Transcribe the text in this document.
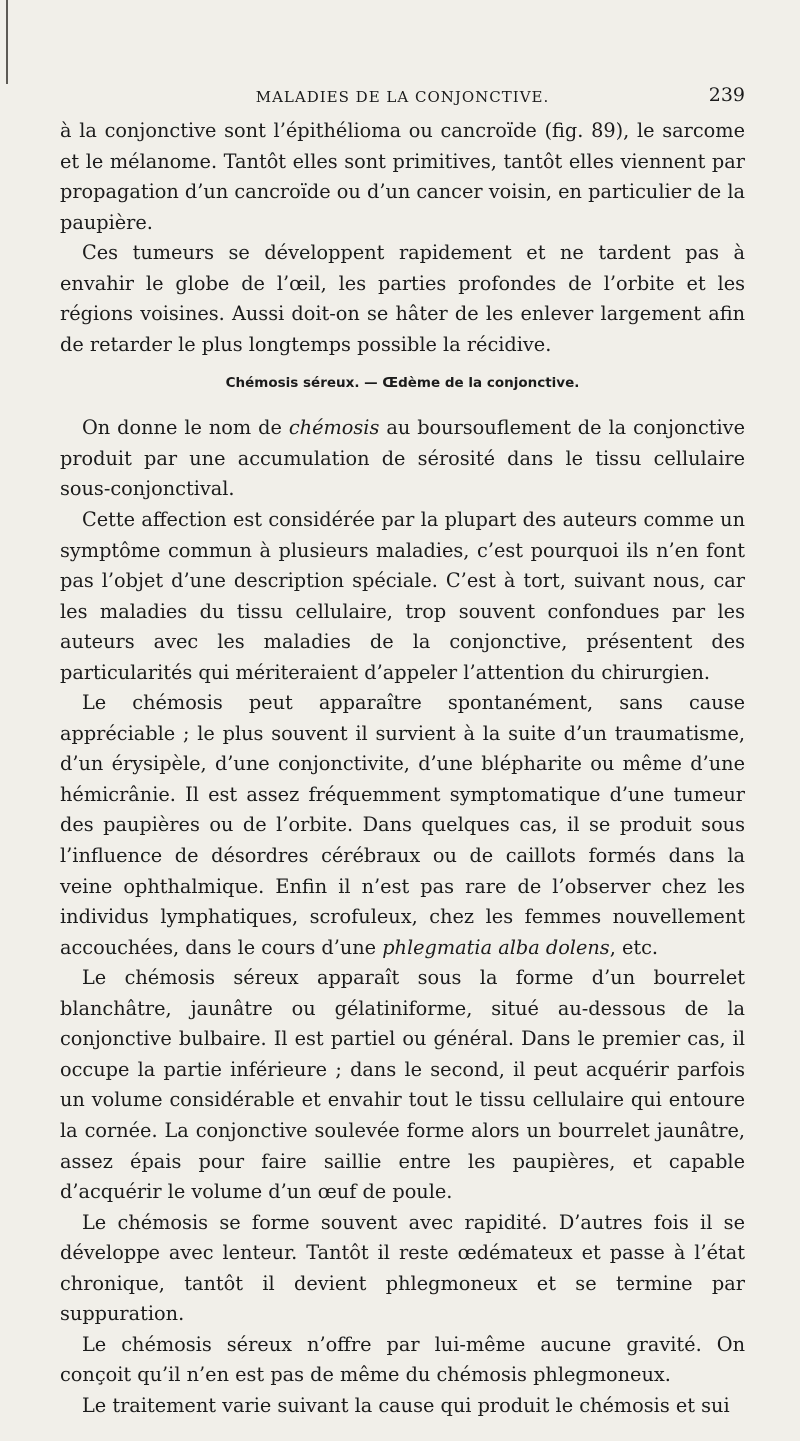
MALADIES DE LA CONJONCTIVE.	239

à la conjonctive sont l’épithélioma ou cancroïde (fig. 89), le sarcome et le mélanome. Tantôt elles sont primitives, tantôt elles viennent par propagation d’un cancroïde ou d’un cancer voisin, en particulier de la paupière.

Ces tumeurs se développent rapidement et ne tardent pas à envahir le globe de l’œil, les parties profondes de l’orbite et les régions voisines. Aussi doit-on se hâter de les enlever largement afin de retarder le plus longtemps possible la récidive.

Chémosis séreux. — Œdème de la conjonctive.

On donne le nom de chémosis au boursouflement de la conjonctive produit par une accumulation de sérosité dans le tissu cellulaire sous-conjonctival.

Cette affection est considérée par la plupart des auteurs comme un symptôme commun à plusieurs maladies, c’est pourquoi ils n’en font pas l’objet d’une description spéciale. C’est à tort, suivant nous, car les maladies du tissu cellulaire, trop souvent confondues par les auteurs avec les maladies de la conjonctive, présentent des particularités qui mériteraient d’appeler l’attention du chirurgien.

Le chémosis peut apparaître spontanément, sans cause appréciable ; le plus souvent il survient à la suite d’un traumatisme, d’un érysipèle, d’une conjonctivite, d’une blépharite ou même d’une hémicrânie. Il est assez fréquemment symptomatique d’une tumeur des paupières ou de l’orbite. Dans quelques cas, il se produit sous l’influence de désordres cérébraux ou de caillots formés dans la veine ophthalmique. Enfin il n’est pas rare de l’observer chez les individus lymphatiques, scrofuleux, chez les femmes nouvellement accouchées, dans le cours d’une phlegmatia alba dolens, etc.

Le chémosis séreux apparaît sous la forme d’un bourrelet blanchâtre, jaunâtre ou gélatiniforme, situé au-dessous de la conjonctive bulbaire. Il est partiel ou général. Dans le premier cas, il occupe la partie inférieure ; dans le second, il peut acquérir parfois un volume considérable et envahir tout le tissu cellulaire qui entoure la cornée. La conjonctive soulevée forme alors un bourrelet jaunâtre, assez épais pour faire saillie entre les paupières, et capable d’acquérir le volume d’un œuf de poule.

Le chémosis se forme souvent avec rapidité. D’autres fois il se développe avec lenteur. Tantôt il reste œdémateux et passe à l’état chronique, tantôt il devient phlegmoneux et se termine par suppuration.

Le chémosis séreux n’offre par lui-même aucune gravité. On conçoit qu’il n’en est pas de même du chémosis phlegmoneux.

Le traitement varie suivant la cause qui produit le chémosis et sui
